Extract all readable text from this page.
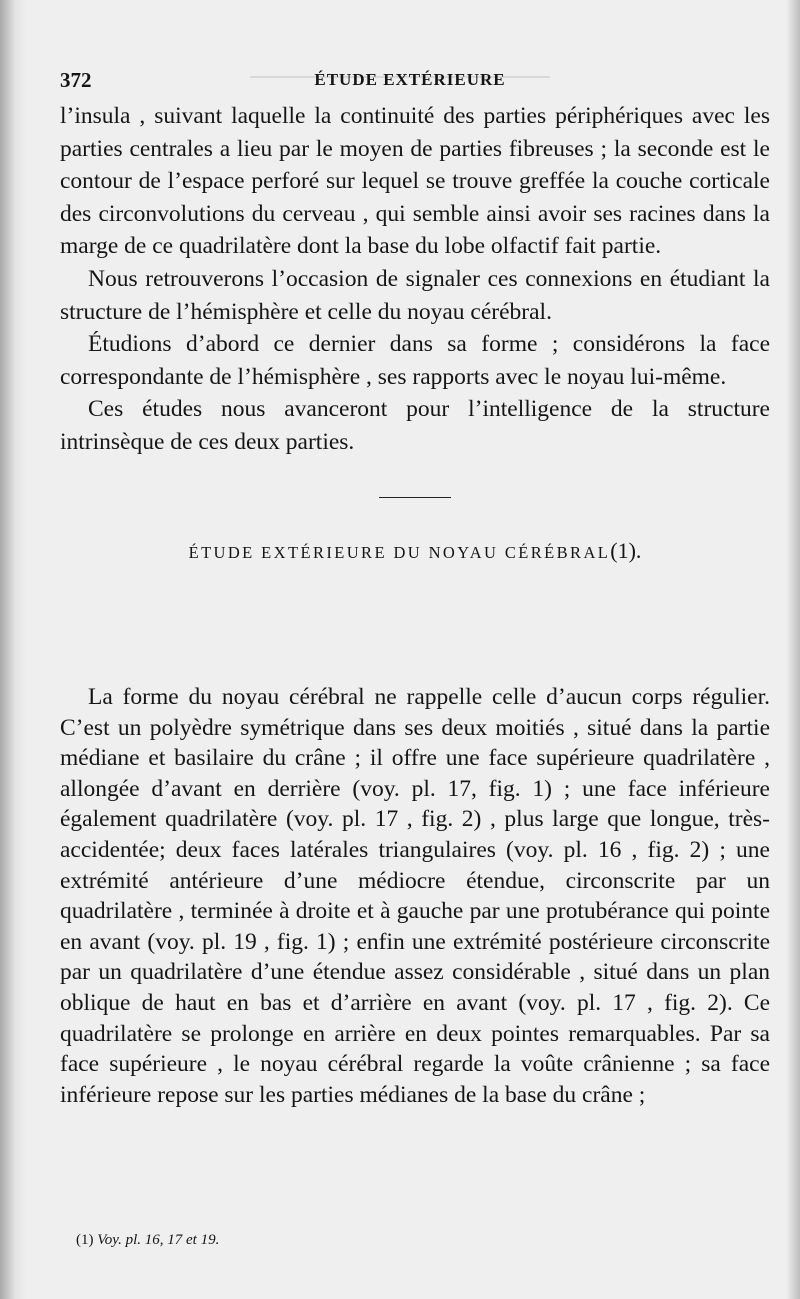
372	ÉTUDE EXTÉRIEURE

l’insula , suivant laquelle la continuité des parties périphériques avec les parties centrales a lieu par le moyen de parties fibreuses ; la seconde est le contour de l’espace perforé sur lequel se trouve greffée la couche corticale des circonvolutions du cerveau , qui semble ainsi avoir ses racines dans la marge de ce quadrilatère dont la base du lobe olfactif fait partie.

Nous retrouverons l’occasion de signaler ces connexions en étudiant la structure de l’hémisphère et celle du noyau cérébral.

Étudions d’abord ce dernier dans sa forme ; considérons la face correspondante de l’hémisphère , ses rapports avec le noyau lui-même.

Ces études nous avanceront pour l’intelligence de la structure intrinsèque de ces deux parties.

ÉTUDE EXTÉRIEURE DU NOYAU CÉRÉBRAL(1).

La forme du noyau cérébral ne rappelle celle d’aucun corps régulier. C’est un polyèdre symétrique dans ses deux moitiés , situé dans la partie médiane et basilaire du crâne ; il offre une face supérieure quadrilatère , allongée d’avant en derrière (voy. pl. 17, fig. 1) ; une face inférieure également quadrilatère (voy. pl. 17 , fig. 2) , plus large que longue, très-accidentée; deux faces latérales triangulaires (voy. pl. 16 , fig. 2) ; une extrémité antérieure d’une médiocre étendue, circonscrite par un quadrilatère , terminée à droite et à gauche par une protubérance qui pointe en avant (voy. pl. 19 , fig. 1) ; enfin une extrémité postérieure circonscrite par un quadrilatère d’une étendue assez considérable , situé dans un plan oblique de haut en bas et d’arrière en avant (voy. pl. 17 , fig. 2). Ce quadrilatère se prolonge en arrière en deux pointes remarquables. Par sa face supérieure , le noyau cérébral regarde la voûte crânienne ; sa face inférieure repose sur les parties médianes de la base du crâne ;

(1) Voy. pl. 16, 17 et 19.
